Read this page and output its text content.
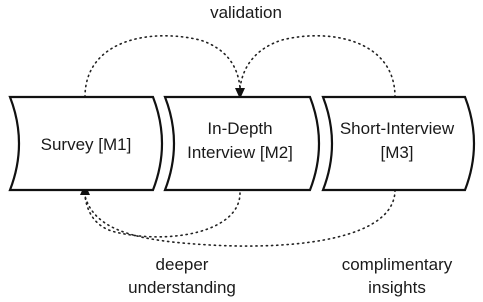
Survey [M1]
In-Depth
Interview [M2]
Short-Interview
[M3]
validation
deeper
understanding
complimentary
insights
